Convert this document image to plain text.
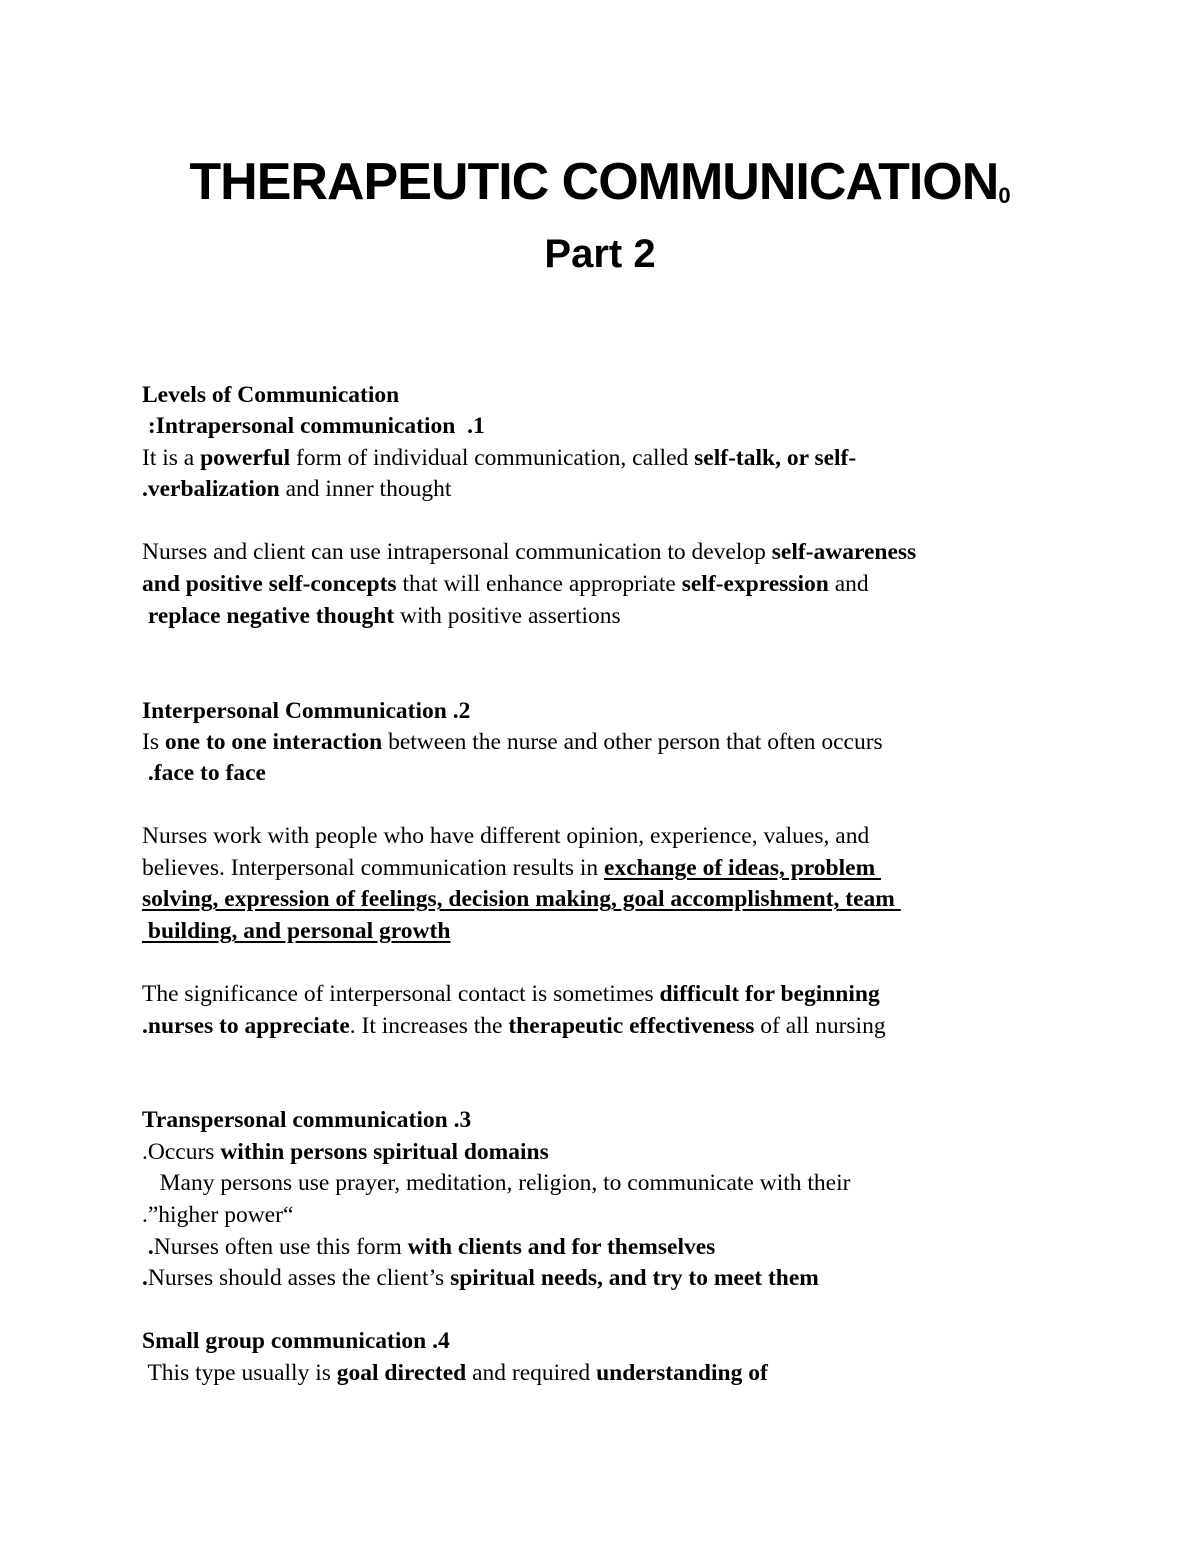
THERAPEUTIC COMMUNICATION0
Part 2
Levels of Communication
:Intrapersonal communication  .1
It is a powerful form of individual communication, called self-talk, or self-
.verbalization and inner thought
Nurses and client can use intrapersonal communication to develop self-awareness
and positive self-concepts that will enhance appropriate self-expression and
replace negative thought with positive assertions
Interpersonal Communication .2
Is one to one interaction between the nurse and other person that often occurs
.face to face
Nurses work with people who have different opinion, experience, values, and
believes. Interpersonal communication results in exchange of ideas, problem
solving, expression of feelings, decision making, goal accomplishment, team
building, and personal growth
The significance of interpersonal contact is sometimes difficult for beginning
.nurses to appreciate. It increases the therapeutic effectiveness of all nursing
Transpersonal communication .3
.Occurs within persons spiritual domains
Many persons use prayer, meditation, religion, to communicate with their
.”higher power“
.Nurses often use this form with clients and for themselves
.Nurses should asses the client’s spiritual needs, and try to meet them
Small group communication .4
This type usually is goal directed and required understanding of
